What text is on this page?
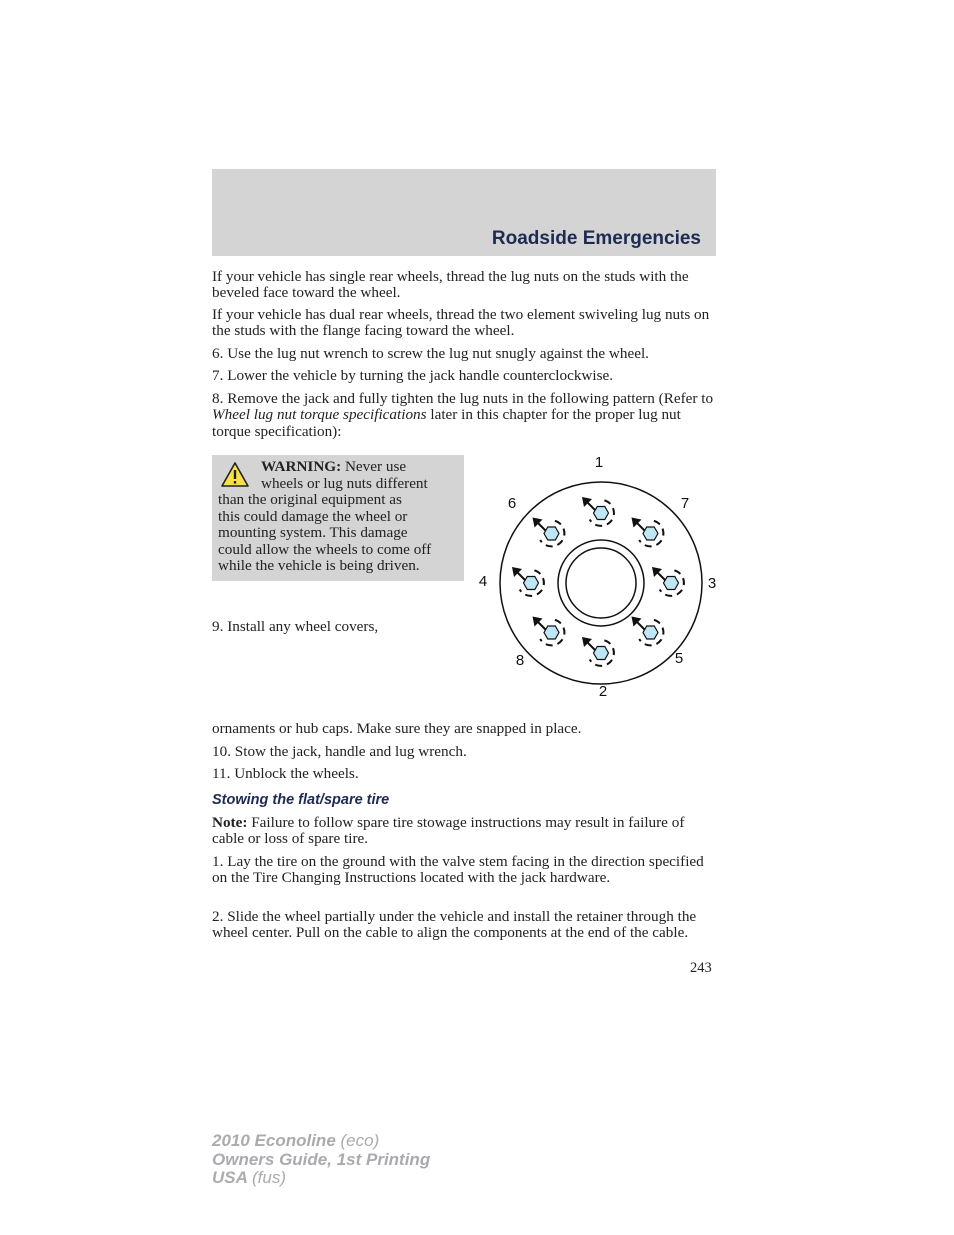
Roadside Emergencies

If your vehicle has single rear wheels, thread the lug nuts on the studs with the beveled face toward the wheel.

If your vehicle has dual rear wheels, thread the two element swiveling lug nuts on the studs with the flange facing toward the wheel.

6. Use the lug nut wrench to screw the lug nut snugly against the wheel.

7. Lower the vehicle by turning the jack handle counterclockwise.

8. Remove the jack and fully tighten the lug nuts in the following pattern (Refer to Wheel lug nut torque specifications later in this chapter for the proper lug nut torque specification):

WARNING: Never use
wheels or lug nuts different
than the original equipment as
this could damage the wheel or
mounting system. This damage
could allow the wheels to come off
while the vehicle is being driven.

9. Install any wheel covers,

1
2
3
4
5
6	7
8

ornaments or hub caps. Make sure they are snapped in place.

10. Stow the jack, handle and lug wrench.

11. Unblock the wheels.

Stowing the flat/spare tire

Note: Failure to follow spare tire stowage instructions may result in failure of cable or loss of spare tire.

1. Lay the tire on the ground with the valve stem facing in the direction specified on the Tire Changing Instructions located with the jack hardware.

2. Slide the wheel partially under the vehicle and install the retainer through the wheel center. Pull on the cable to align the components at the end of the cable.

243
2010 Econoline (eco)
Owners Guide, 1st Printing
USA (fus)
